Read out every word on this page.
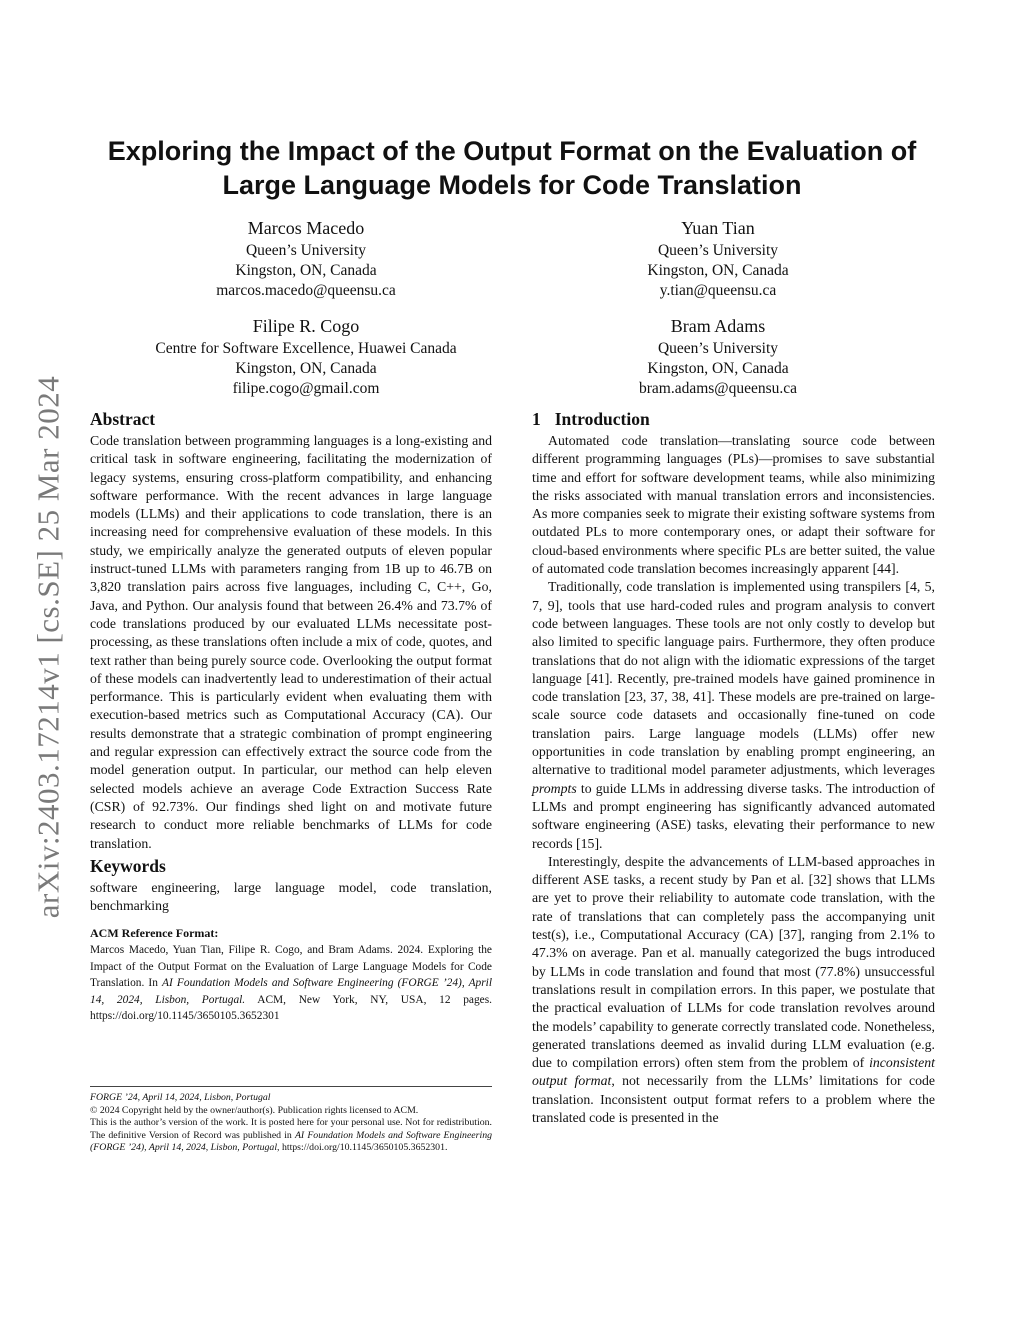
arXiv:2403.17214v1 [cs.SE] 25 Mar 2024
Exploring the Impact of the Output Format on the Evaluation of
Large Language Models for Code Translation
Marcos Macedo
Queen’s University
Kingston, ON, Canada
marcos.macedo@queensu.ca
Yuan Tian
Queen’s University
Kingston, ON, Canada
y.tian@queensu.ca
Filipe R. Cogo
Centre for Software Excellence, Huawei Canada
Kingston, ON, Canada
filipe.cogo@gmail.com
Bram Adams
Queen’s University
Kingston, ON, Canada
bram.adams@queensu.ca
Abstract

Code translation between programming languages is a long-existing and critical task in software engineering, facilitating the modernization of legacy systems, ensuring cross-platform compatibility, and enhancing software performance. With the recent advances in large language models (LLMs) and their applications to code translation, there is an increasing need for comprehensive evaluation of these models. In this study, we empirically analyze the generated outputs of eleven popular instruct-tuned LLMs with parameters ranging from 1B up to 46.7B on 3,820 translation pairs across five languages, including C, C++, Go, Java, and Python. Our analysis found that between 26.4% and 73.7% of code translations produced by our evaluated LLMs necessitate post-processing, as these translations often include a mix of code, quotes, and text rather than being purely source code. Overlooking the output format of these models can inadvertently lead to underestimation of their actual performance. This is particularly evident when evaluating them with execution-based metrics such as Computational Accuracy (CA). Our results demonstrate that a strategic combination of prompt engineering and regular expression can effectively extract the source code from the model generation output. In particular, our method can help eleven selected models achieve an average Code Extraction Success Rate (CSR) of 92.73%. Our findings shed light on and motivate future research to conduct more reliable benchmarks of LLMs for code translation.

Keywords

software engineering, large language model, code translation, benchmarking

ACM Reference Format:

Marcos Macedo, Yuan Tian, Filipe R. Cogo, and Bram Adams. 2024. Exploring the Impact of the Output Format on the Evaluation of Large Language Models for Code Translation. In AI Foundation Models and Software Engineering (FORGE ’24), April 14, 2024, Lisbon, Portugal. ACM, New York, NY, USA, 12 pages. https://doi.org/10.1145/3650105.3652301

FORGE ’24, April 14, 2024, Lisbon, Portugal

© 2024 Copyright held by the owner/author(s). Publication rights licensed to ACM.

This is the author’s version of the work. It is posted here for your personal use. Not for redistribution. The definitive Version of Record was published in AI Foundation Models and Software Engineering (FORGE ’24), April 14, 2024, Lisbon, Portugal, https://doi.org/10.1145/3650105.3652301.

1 Introduction

Automated code translation—translating source code between different programming languages (PLs)—promises to save substantial time and effort for software development teams, while also minimizing the risks associated with manual translation errors and inconsistencies. As more companies seek to migrate their existing software systems from outdated PLs to more contemporary ones, or adapt their software for cloud-based environments where specific PLs are better suited, the value of automated code translation becomes increasingly apparent [44].

Traditionally, code translation is implemented using transpilers [4, 5, 7, 9], tools that use hard-coded rules and program analysis to convert code between languages. These tools are not only costly to develop but also limited to specific language pairs. Furthermore, they often produce translations that do not align with the idiomatic expressions of the target language [41]. Recently, pre-trained models have gained prominence in code translation [23, 37, 38, 41]. These models are pre-trained on large-scale source code datasets and occasionally fine-tuned on code translation pairs. Large language models (LLMs) offer new opportunities in code translation by enabling prompt engineering, an alternative to traditional model parameter adjustments, which leverages prompts to guide LLMs in addressing diverse tasks. The introduction of LLMs and prompt engineering has significantly advanced automated software engineering (ASE) tasks, elevating their performance to new records [15].

Interestingly, despite the advancements of LLM-based approaches in different ASE tasks, a recent study by Pan et al. [32] shows that LLMs are yet to prove their reliability to automate code translation, with the rate of translations that can completely pass the accompanying unit test(s), i.e., Computational Accuracy (CA) [37], ranging from 2.1% to 47.3% on average. Pan et al. manually categorized the bugs introduced by LLMs in code translation and found that most (77.8%) unsuccessful translations result in compilation errors. In this paper, we postulate that the practical evaluation of LLMs for code translation revolves around the models’ capability to generate correctly translated code. Nonetheless, generated translations deemed as invalid during LLM evaluation (e.g. due to compilation errors) often stem from the problem of inconsistent output format, not necessarily from the LLMs’ limitations for code translation. Inconsistent output format refers to a problem where the translated code is presented in the
